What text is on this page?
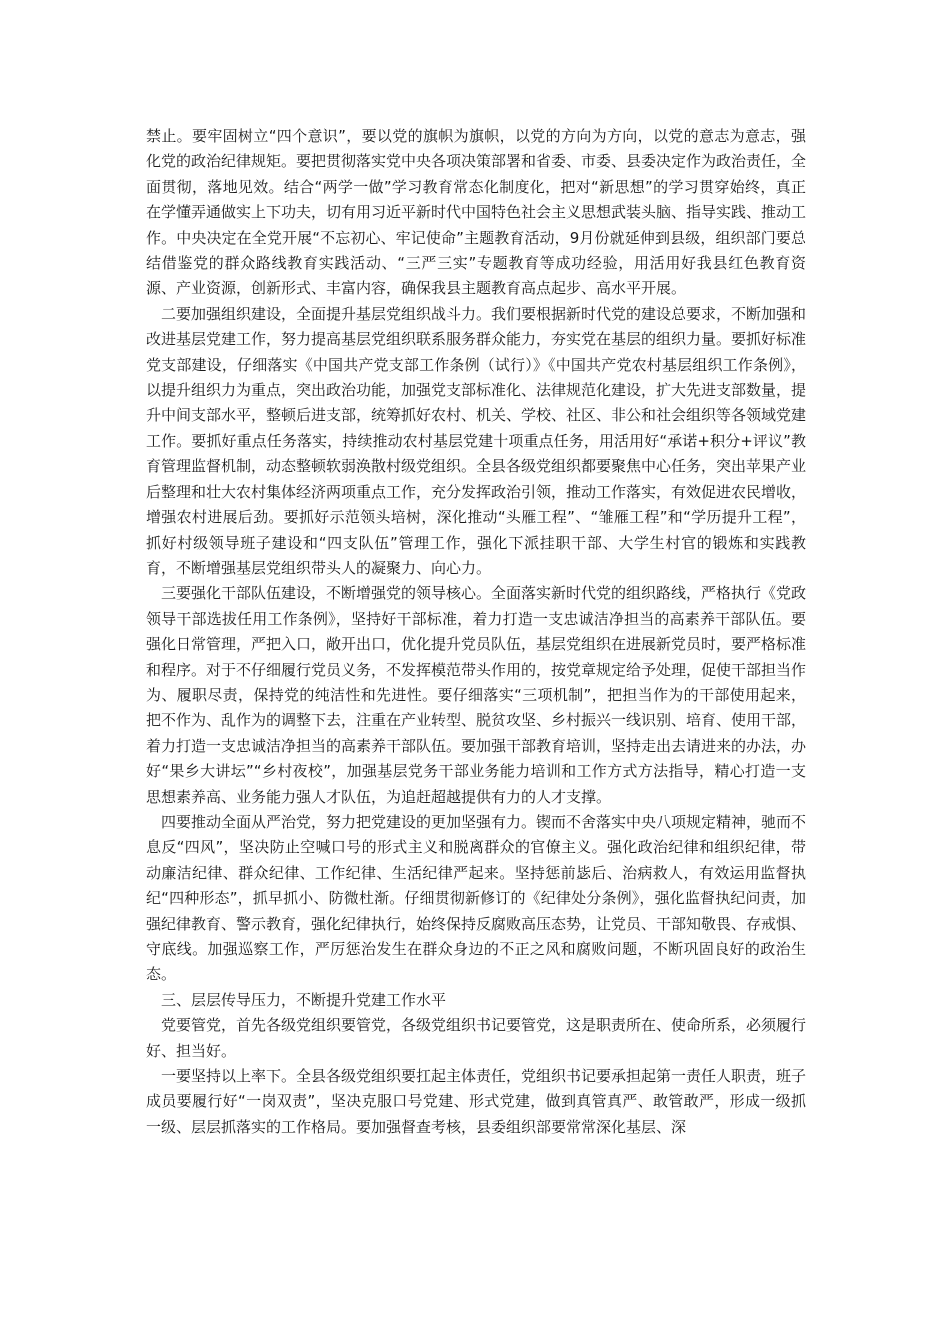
禁止。要牢固树立“四个意识”，要以党的旗帜为旗帜，以党的方向为方向，以党的意志为意志，强化党的政治纪律规矩。要把贯彻落实党中央各项决策部署和省委、市委、县委决定作为政治责任，全面贯彻，落地见效。结合“两学一做”学习教育常态化制度化，把对“新思想”的学习贯穿始终，真正在学懂弄通做实上下功夫，切有用习近平新时代中国特色社会主义思想武装头脑、指导实践、推动工作。中央决定在全党开展“不忘初心、牢记使命”主题教育活动，9月份就延伸到县级，组织部门要总结借鉴党的群众路线教育实践活动、“三严三实”专题教育等成功经验，用活用好我县红色教育资源、产业资源，创新形式、丰富内容，确保我县主题教育高点起步、高水平开展。

二要加强组织建设，全面提升基层党组织战斗力。我们要根据新时代党的建设总要求，不断加强和改进基层党建工作，努力提高基层党组织联系服务群众能力，夯实党在基层的组织力量。要抓好标准党支部建设，仔细落实《中国共产党支部工作条例（试行）》《中国共产党农村基层组织工作条例》，以提升组织力为重点，突出政治功能，加强党支部标准化、法律规范化建设，扩大先进支部数量，提升中间支部水平，整顿后进支部，统筹抓好农村、机关、学校、社区、非公和社会组织等各领域党建工作。要抓好重点任务落实，持续推动农村基层党建十项重点任务，用活用好“承诺+积分+评议”教育管理监督机制，动态整顿软弱涣散村级党组织。全县各级党组织都要聚焦中心任务，突出苹果产业后整理和壮大农村集体经济两项重点工作，充分发挥政治引领，推动工作落实，有效促进农民增收，增强农村进展后劲。要抓好示范领头培树，深化推动“头雁工程”、“雏雁工程”和“学历提升工程”，抓好村级领导班子建设和“四支队伍”管理工作，强化下派挂职干部、大学生村官的锻炼和实践教育，不断增强基层党组织带头人的凝聚力、向心力。

三要强化干部队伍建设，不断增强党的领导核心。全面落实新时代党的组织路线，严格执行《党政领导干部选拔任用工作条例》，坚持好干部标准，着力打造一支忠诚洁净担当的高素养干部队伍。要强化日常管理，严把入口，敞开出口，优化提升党员队伍，基层党组织在进展新党员时，要严格标准和程序。对于不仔细履行党员义务，不发挥模范带头作用的，按党章规定给予处理，促使干部担当作为、履职尽责，保持党的纯洁性和先进性。要仔细落实“三项机制”，把担当作为的干部使用起来，把不作为、乱作为的调整下去，注重在产业转型、脱贫攻坚、乡村振兴一线识别、培育、使用干部，着力打造一支忠诚洁净担当的高素养干部队伍。要加强干部教育培训，坚持走出去请进来的办法，办好“果乡大讲坛”“乡村夜校”，加强基层党务干部业务能力培训和工作方式方法指导，精心打造一支思想素养高、业务能力强人才队伍，为追赶超越提供有力的人才支撑。

四要推动全面从严治党，努力把党建设的更加坚强有力。锲而不舍落实中央八项规定精神，驰而不息反“四风”，坚决防止空喊口号的形式主义和脱离群众的官僚主义。强化政治纪律和组织纪律，带动廉洁纪律、群众纪律、工作纪律、生活纪律严起来。坚持惩前毖后、治病救人，有效运用监督执纪“四种形态”，抓早抓小、防微杜渐。仔细贯彻新修订的《纪律处分条例》，强化监督执纪问责，加强纪律教育、警示教育，强化纪律执行，始终保持反腐败高压态势，让党员、干部知敬畏、存戒惧、守底线。加强巡察工作，严厉惩治发生在群众身边的不正之风和腐败问题，不断巩固良好的政治生态。

三、层层传导压力，不断提升党建工作水平

党要管党，首先各级党组织要管党，各级党组织书记要管党，这是职责所在、使命所系，必须履行好、担当好。

一要坚持以上率下。全县各级党组织要扛起主体责任，党组织书记要承担起第一责任人职责，班子成员要履行好“一岗双责”，坚决克服口号党建、形式党建，做到真管真严、敢管敢严，形成一级抓一级、层层抓落实的工作格局。要加强督查考核，县委组织部要常常深化基层、深
